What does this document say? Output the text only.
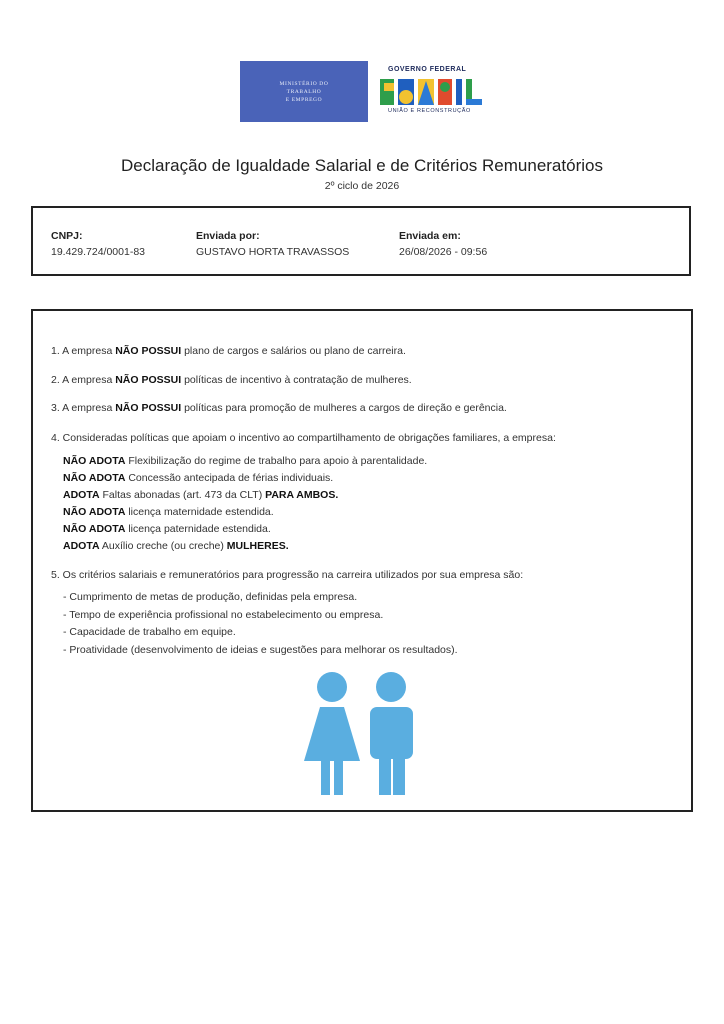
MINISTÉRIO DO
TRABALHO
E EMPREGO
GOVERNO FEDERAL
UNIÃO E RECONSTRUÇÃO
Declaração de Igualdade Salarial e de Critérios Remuneratórios
2º ciclo de 2026
CNPJ:
19.429.724/0001-83
Enviada por:
GUSTAVO HORTA TRAVASSOS
Enviada em:
26/08/2026 - 09:56
1. A empresa NÃO POSSUI plano de cargos e salários ou plano de carreira.
2. A empresa NÃO POSSUI políticas de incentivo à contratação de mulheres.
3. A empresa NÃO POSSUI políticas para promoção de mulheres a cargos de direção e gerência.
4. Consideradas políticas que apoiam o incentivo ao compartilhamento de obrigações familiares, a empresa:
NÃO ADOTA Flexibilização do regime de trabalho para apoio à parentalidade.
NÃO ADOTA Concessão antecipada de férias individuais.
ADOTA Faltas abonadas (art. 473 da CLT) PARA AMBOS.
NÃO ADOTA licença maternidade estendida.
NÃO ADOTA licença paternidade estendida.
ADOTA Auxílio creche (ou creche) MULHERES.
5. Os critérios salariais e remuneratórios para progressão na carreira utilizados por sua empresa são:
- Cumprimento de metas de produção, definidas pela empresa.
- Tempo de experiência profissional no estabelecimento ou empresa.
- Capacidade de trabalho em equipe.
- Proatividade (desenvolvimento de ideias e sugestões para melhorar os resultados).
